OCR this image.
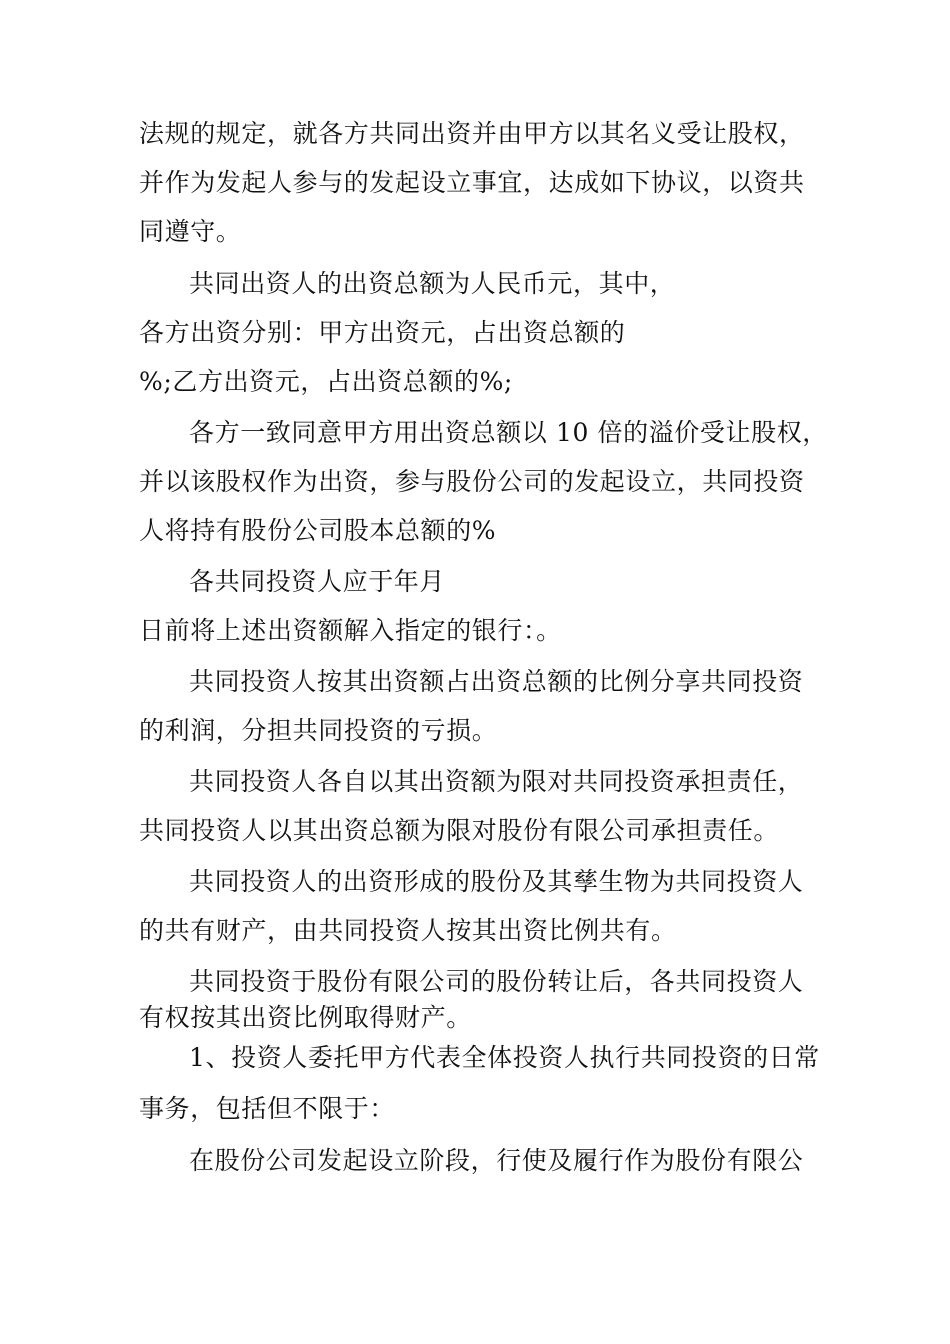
法规的规定，就各方共同出资并由甲方以其名义受让股权，
并作为发起人参与的发起设立事宜，达成如下协议，以资共
同遵守。
共同出资人的出资总额为人民币元，其中，
各方出资分别：甲方出资元，占出资总额的
%;乙方出资元，占出资总额的%;
各方一致同意甲方用出资总额以 10 倍的溢价受让股权，
并以该股权作为出资，参与股份公司的发起设立，共同投资
人将持有股份公司股本总额的%
各共同投资人应于年月
日前将上述出资额解入指定的银行：。
共同投资人按其出资额占出资总额的比例分享共同投资
的利润，分担共同投资的亏损。
共同投资人各自以其出资额为限对共同投资承担责任，
共同投资人以其出资总额为限对股份有限公司承担责任。
共同投资人的出资形成的股份及其孳生物为共同投资人
的共有财产，由共同投资人按其出资比例共有。
共同投资于股份有限公司的股份转让后，各共同投资人
有权按其出资比例取得财产。
1、投资人委托甲方代表全体投资人执行共同投资的日常
事务，包括但不限于：
在股份公司发起设立阶段，行使及履行作为股份有限公
